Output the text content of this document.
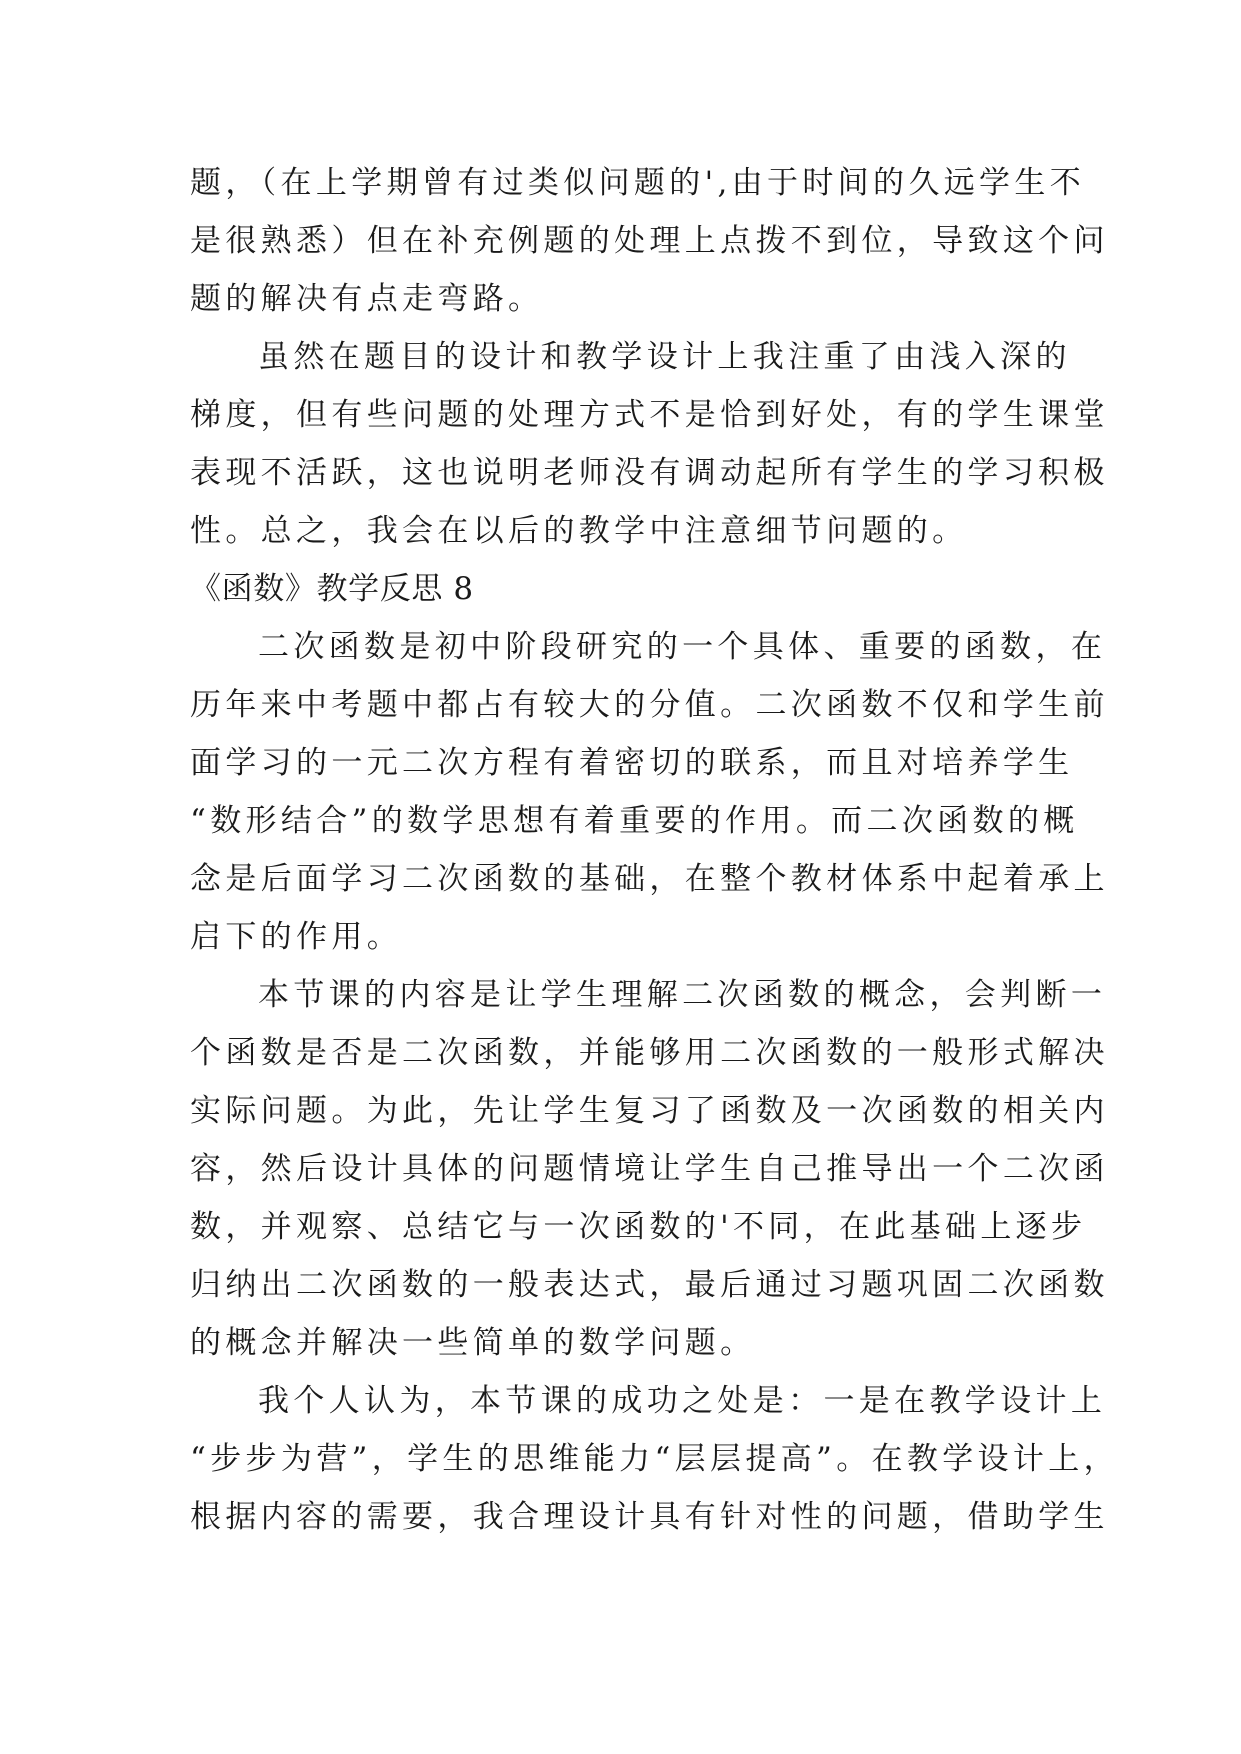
题，（在上学期曾有过类似问题的',由于时间的久远学生不
是很熟悉）但在补充例题的处理上点拨不到位，导致这个问
题的解决有点走弯路。
虽然在题目的设计和教学设计上我注重了由浅入深的
梯度，但有些问题的处理方式不是恰到好处，有的学生课堂
表现不活跃，这也说明老师没有调动起所有学生的学习积极
性。总之，我会在以后的教学中注意细节问题的。
《函数》教学反思 8
二次函数是初中阶段研究的一个具体、重要的函数，在
历年来中考题中都占有较大的分值。二次函数不仅和学生前
面学习的一元二次方程有着密切的联系，而且对培养学生
“数形结合”的数学思想有着重要的作用。而二次函数的概
念是后面学习二次函数的基础，在整个教材体系中起着承上
启下的作用。
本节课的内容是让学生理解二次函数的概念，会判断一
个函数是否是二次函数，并能够用二次函数的一般形式解决
实际问题。为此，先让学生复习了函数及一次函数的相关内
容，然后设计具体的问题情境让学生自己推导出一个二次函
数，并观察、总结它与一次函数的'不同，在此基础上逐步
归纳出二次函数的一般表达式，最后通过习题巩固二次函数
的概念并解决一些简单的数学问题。
我个人认为，本节课的成功之处是：一是在教学设计上
“步步为营”，学生的思维能力“层层提高”。在教学设计上，
根据内容的需要，我合理设计具有针对性的问题，借助学生
